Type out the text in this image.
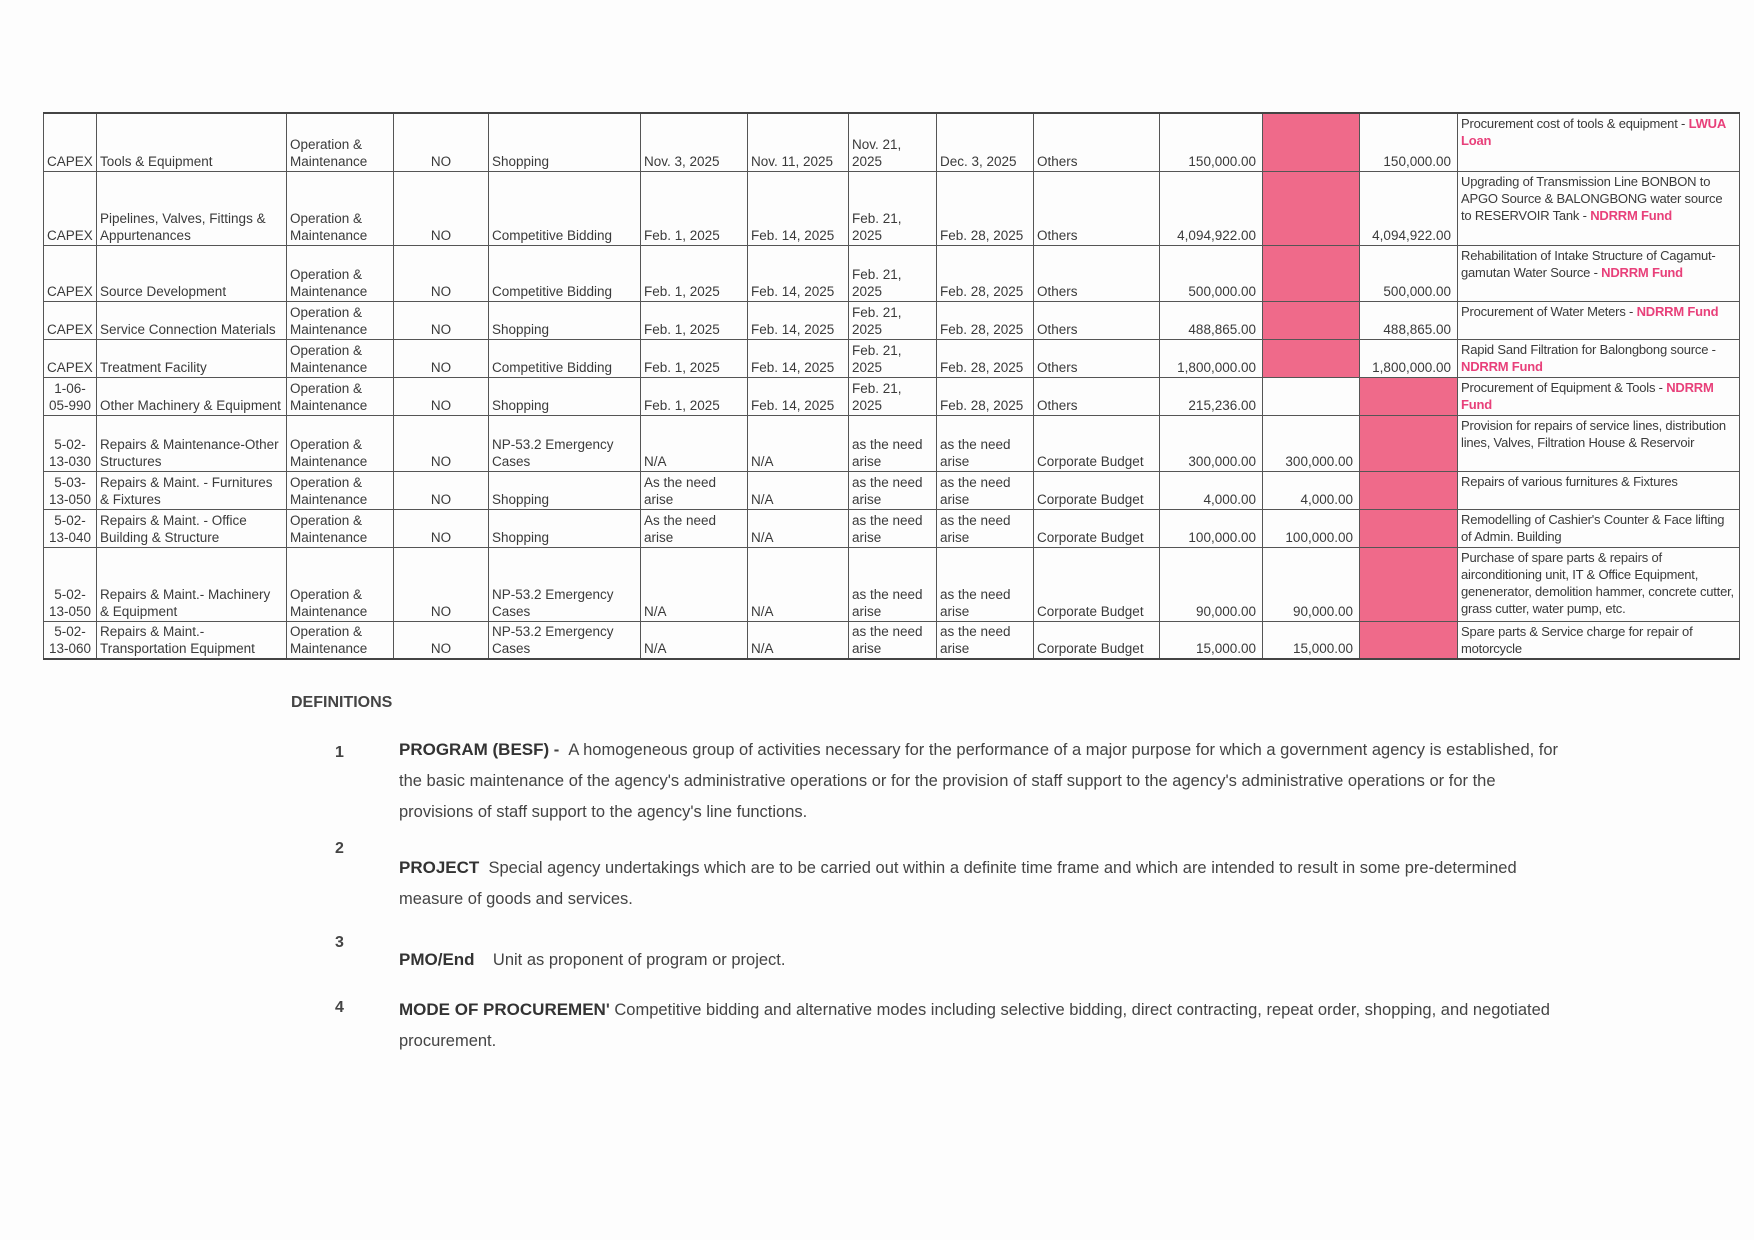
CAPEX	Tools & Equipment	Operation & Maintenance	NO	Shopping	Nov. 3, 2025	Nov. 11, 2025	Nov. 21, 2025	Dec. 3, 2025	Others	150,000.00		150,000.00	Procurement cost of tools & equipment - LWUA Loan
CAPEX	Pipelines, Valves, Fittings & Appurtenances	Operation & Maintenance	NO	Competitive Bidding	Feb. 1, 2025	Feb. 14, 2025	Feb. 21, 2025	Feb. 28, 2025	Others	4,094,922.00		4,094,922.00	Upgrading of Transmission Line BONBON to APGO Source & BALONGBONG water source to RESERVOIR Tank - NDRRM Fund
CAPEX	Source Development	Operation & Maintenance	NO	Competitive Bidding	Feb. 1, 2025	Feb. 14, 2025	Feb. 21, 2025	Feb. 28, 2025	Others	500,000.00		500,000.00	Rehabilitation of Intake Structure of Cagamut-gamutan Water Source - NDRRM Fund
CAPEX	Service Connection Materials	Operation & Maintenance	NO	Shopping	Feb. 1, 2025	Feb. 14, 2025	Feb. 21, 2025	Feb. 28, 2025	Others	488,865.00		488,865.00	Procurement of Water Meters - NDRRM Fund
CAPEX	Treatment Facility	Operation & Maintenance	NO	Competitive Bidding	Feb. 1, 2025	Feb. 14, 2025	Feb. 21, 2025	Feb. 28, 2025	Others	1,800,000.00		1,800,000.00	Rapid Sand Filtration for Balongbong source - NDRRM Fund
1-06-05-990	Other Machinery & Equipment	Operation & Maintenance	NO	Shopping	Feb. 1, 2025	Feb. 14, 2025	Feb. 21, 2025	Feb. 28, 2025	Others	215,236.00			Procurement of Equipment & Tools - NDRRM Fund
5-02-13-030	Repairs & Maintenance-Other Structures	Operation & Maintenance	NO	NP-53.2 Emergency Cases	N/A	N/A	as the need arise	as the need arise	Corporate Budget	300,000.00	300,000.00		Provision for repairs of service lines, distribution lines, Valves, Filtration House & Reservoir
5-03-13-050	Repairs & Maint. - Furnitures & Fixtures	Operation & Maintenance	NO	Shopping	As the need arise	N/A	as the need arise	as the need arise	Corporate Budget	4,000.00	4,000.00		Repairs of various furnitures & Fixtures
5-02-13-040	Repairs & Maint. - Office Building & Structure	Operation & Maintenance	NO	Shopping	As the need arise	N/A	as the need arise	as the need arise	Corporate Budget	100,000.00	100,000.00		Remodelling of Cashier's Counter & Face lifting of Admin. Building
5-02-13-050	Repairs & Maint.- Machinery & Equipment	Operation & Maintenance	NO	NP-53.2 Emergency Cases	N/A	N/A	as the need arise	as the need arise	Corporate Budget	90,000.00	90,000.00		Purchase of spare parts & repairs of airconditioning unit, IT & Office Equipment, genenerator, demolition hammer, concrete cutter, grass cutter, water pump, etc.
5-02-13-060	Repairs & Maint.- Transportation Equipment	Operation & Maintenance	NO	NP-53.2 Emergency Cases	N/A	N/A	as the need arise	as the need arise	Corporate Budget	15,000.00	15,000.00		Spare parts & Service charge for repair of motorcycle
DEFINITIONS
1	PROGRAM (BESF) -  A homogeneous group of activities necessary for the performance of a major purpose for which a government agency is established, for the basic maintenance of the agency's administrative operations or for the provision of staff support to the agency's administrative operations or for the provisions of staff support to the agency's line functions.
2
PROJECT Special agency undertakings which are to be carried out within a definite time frame and which are intended to result in some pre-determined measure of goods and services.
3
PMO/End Unit as proponent of program or project.
4	MODE OF PROCUREMEN' Competitive bidding and alternative modes including selective bidding, direct contracting, repeat order, shopping, and negotiated procurement.
